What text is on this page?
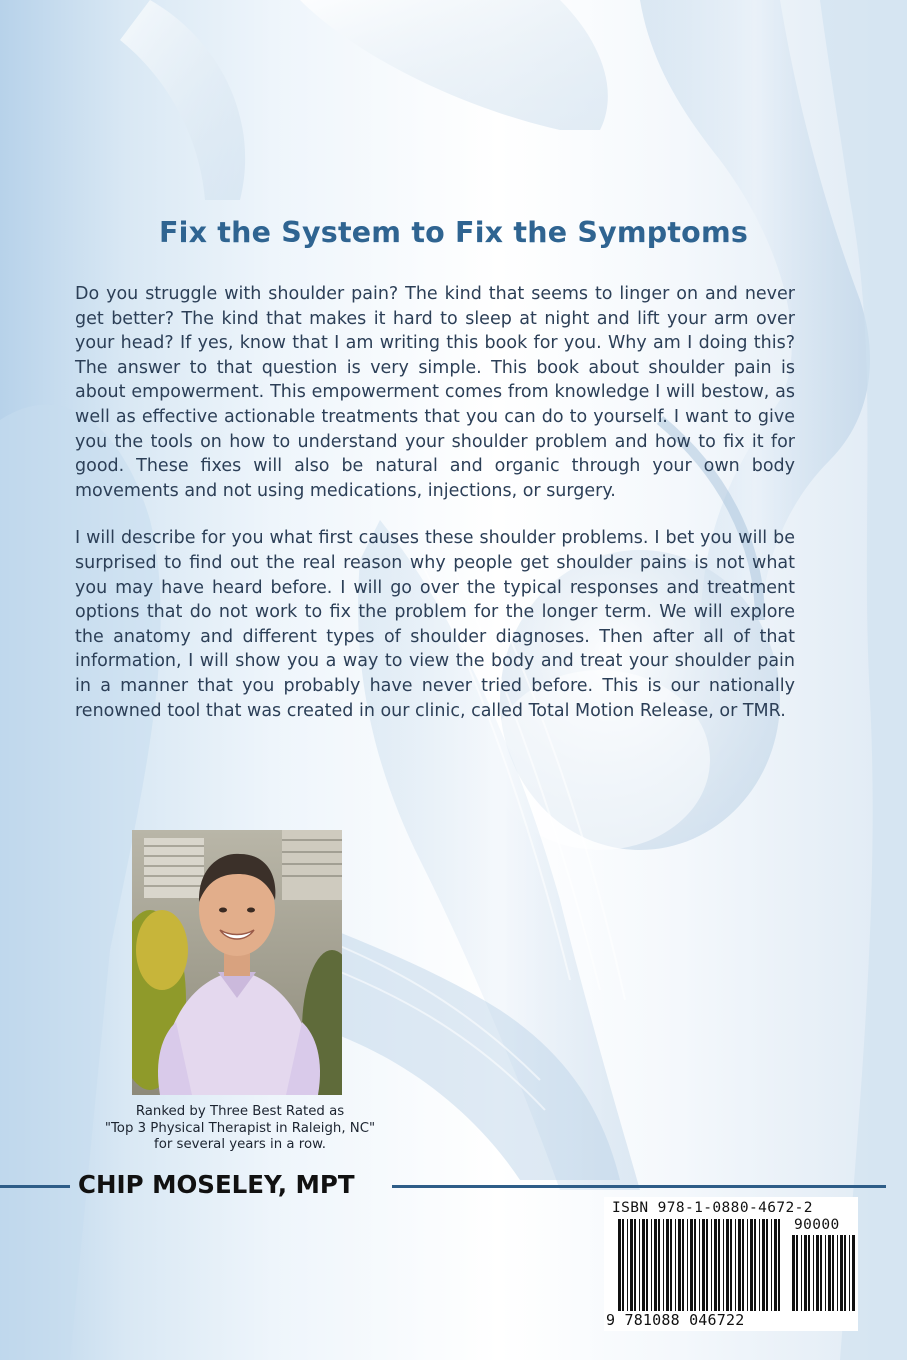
Fix the System to Fix the Symptoms

Do you struggle with shoulder pain? The kind that seems to linger on and never get better? The kind that makes it hard to sleep at night and lift your arm over your head? If yes, know that I am writing this book for you. Why am I doing this? The answer to that question is very simple. This book about shoulder pain is about empowerment. This empowerment comes from knowledge I will bestow, as well as effective actionable treatments that you can do to yourself. I want to give you the tools on how to understand your shoulder problem and how to fix it for good. These fixes will also be natural and organic through your own body movements and not using medications, injections, or surgery.

I will describe for you what first causes these shoulder problems. I bet you will be surprised to find out the real reason why people get shoulder pains is not what you may have heard before. I will go over the typical responses and treatment options that do not work to fix the problem for the longer term. We will explore the anatomy and different types of shoulder diagnoses. Then after all of that information, I will show you a way to view the body and treat your shoulder pain in a manner that you probably have never tried before. This is our nationally renowned tool that was created in our clinic, called Total Motion Release, or TMR.

Ranked by Three Best Rated as
"Top 3 Physical Therapist in Raleigh, NC"
for several years in a row.
CHIP MOSELEY, MPT
ISBN 978-1-0880-4672-2
90000
9 781088 046722
